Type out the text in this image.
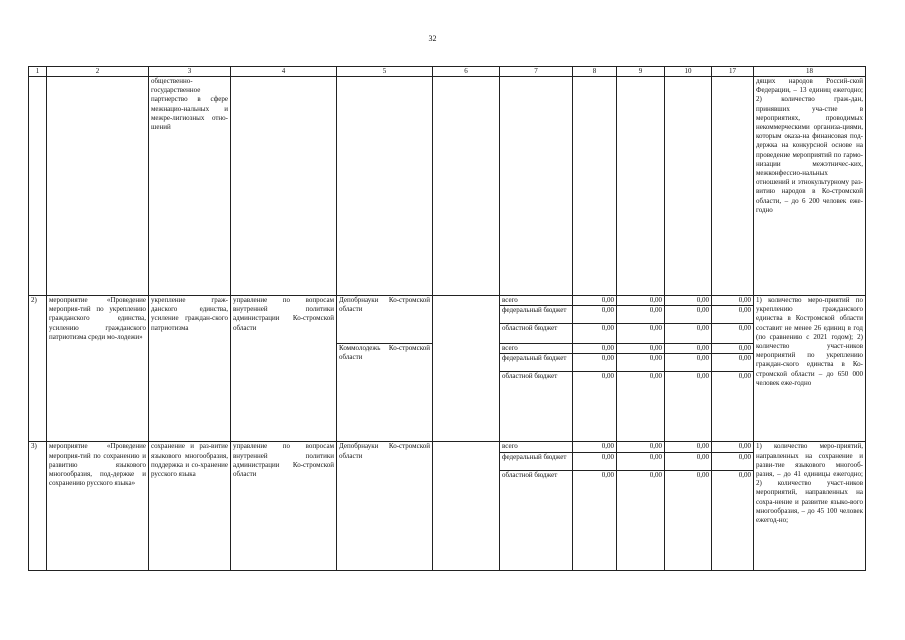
32
1	2	3	4	5	6	7	8	9	10	17	18
		общественно-государственное партнерство в сфере межнацио-нальных и межре-лигиозных отно-шений									дящих народов Россий-ской Федерации, – 13 единиц ежегодно; 2) количество граж-дан, принявших уча-стие в мероприятиях, проводимых некоммерческими организа-циями, которым оказа-на финансовая под-держка на конкурсной основе на проведение мероприятий по гармо-низации межэтничес-ких, межконфессио-нальных отношений и этнокультурному раз-витию народов в Ко-стромской области, – до 6 200 человек еже-годно
2)	мероприятие «Проведение мероприя-тий по укреплению гражданского единства, усилению гражданского патриотизма среди мо-лодежи»	укрепление граж-данского единства, усиление граждан-ского патриотизма	управление по вопросам внутренней политики администрации Ко-стромской области	Депобрнауки Ко-стромской области		всего	0,00	0,00	0,00	0,00	1) количество меро-приятий по укреплению гражданского единства в Костромской области составит не менее 26 единиц в год (по сравнению с 2021 годом); 2) количество участ-ников мероприятий по укреплению граждан-ского единства в Ко-стромской области – до 650 000 человек еже-годно
						федеральный бюджет	0,00	0,00	0,00	0,00	
						областной бюджет	0,00	0,00	0,00	0,00	
				Коммолодежь Ко-стромской области		всего	0,00	0,00	0,00	0,00	
						федеральный бюджет	0,00	0,00	0,00	0,00	
						областной бюджет	0,00	0,00	0,00	0,00	
3)	мероприятие «Проведение мероприя-тий по сохранению и развитию языкового многообразия, под-держке и сохранению русского языка»	сохранение и раз-витие языкового многообразия, поддержка и со-хранение русского языка	управление по вопросам внутренней политики администрации Ко-стромской области	Депобрнауки Ко-стромской области		всего	0,00	0,00	0,00	0,00	1) количество меро-приятий, направленных на сохранение и разви-тие языкового многооб-разия, – до 41 единицы ежегодно; 2) количество участ-ников мероприятий, направленных на сохра-нение и развитие языко-вого многообразия, – до 45 100 человек ежегод-но;
						федеральный бюджет	0,00	0,00	0,00	0,00	
						областной бюджет	0,00	0,00	0,00	0,00	
